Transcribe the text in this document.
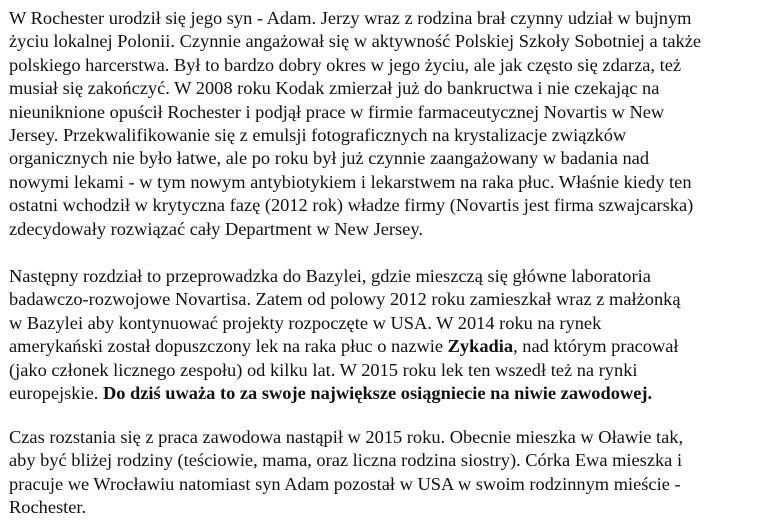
W Rochester urodził się jego syn - Adam. Jerzy wraz z rodzina brał czynny udział w bujnym
życiu lokalnej Polonii. Czynnie angażował się w aktywność Polskiej Szkoły Sobotniej a także
polskiego harcerstwa. Był to bardzo dobry okres w jego życiu, ale jak często się zdarza, też
musiał się zakończyć. W 2008 roku Kodak zmierzał już do bankructwa i nie czekając na
nieuniknione opuścił Rochester i podjął prace w firmie farmaceutycznej Novartis w New
Jersey. Przekwalifikowanie się z emulsji fotograficznych na krystalizacje związków
organicznych nie było łatwe, ale po roku był już czynnie zaangażowany w badania nad
nowymi lekami - w tym nowym antybiotykiem i lekarstwem na raka płuc. Właśnie kiedy ten
ostatni wchodził w krytyczna fazę (2012 rok) władze firmy (Novartis jest firma szwajcarska)
zdecydowały rozwiązać cały Department w New Jersey.

Następny rozdział to przeprowadzka do Bazylei, gdzie mieszczą się główne laboratoria
badawczo-rozwojowe Novartisa. Zatem od polowy 2012 roku zamieszkał wraz z małżonką
w Bazylei aby kontynuować projekty rozpoczęte w USA. W 2014 roku na rynek
amerykański został dopuszczony lek na raka płuc o nazwie Zykadia, nad którym pracował
(jako członek licznego zespołu) od kilku lat. W 2015 roku lek ten wszedł też na rynki
europejskie. Do dziś uważa to za swoje największe osiągniecie na niwie zawodowej.

Czas rozstania się z praca zawodowa nastąpił w 2015 roku. Obecnie mieszka w Oławie tak,
aby być bliżej rodziny (teściowie, mama, oraz liczna rodzina siostry). Córka Ewa mieszka i
pracuje we Wrocławiu natomiast syn Adam pozostał w USA w swoim rodzinnym mieście -
Rochester.
